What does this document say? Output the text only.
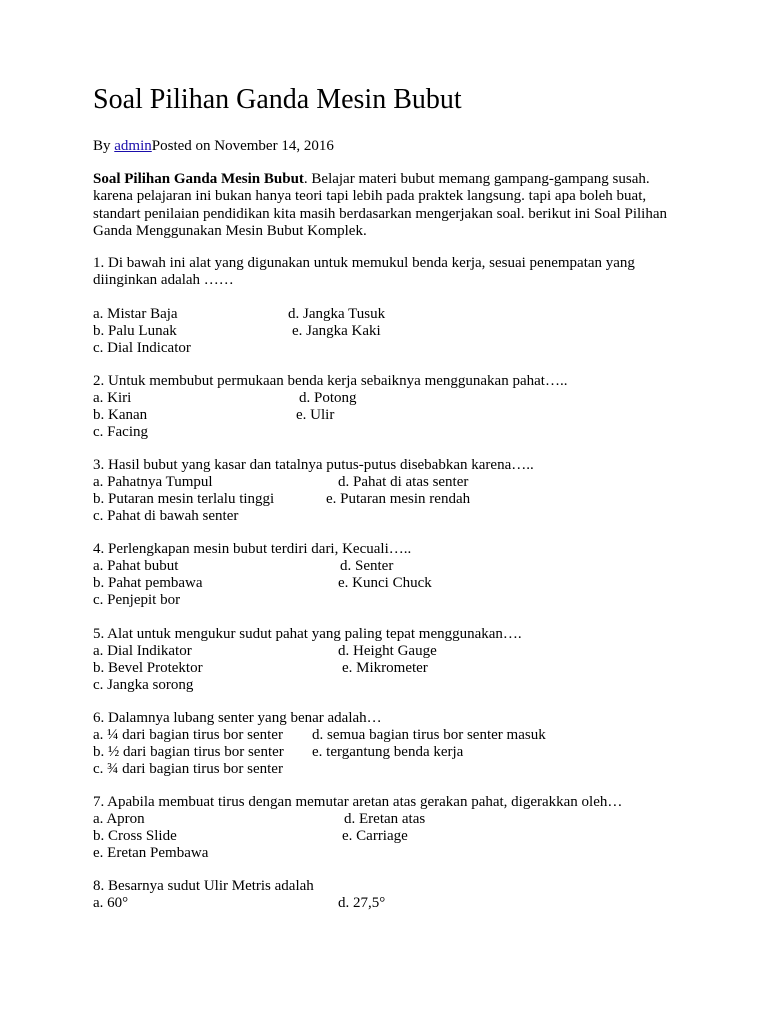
Soal Pilihan Ganda Mesin Bubut
By adminPosted on November 14, 2016
Soal Pilihan Ganda Mesin Bubut. Belajar materi bubut memang gampang-gampang susah. karena pelajaran ini bukan hanya teori tapi lebih pada praktek langsung. tapi apa boleh buat, standart penilaian pendidikan kita masih berdasarkan mengerjakan soal. berikut ini Soal Pilihan Ganda Menggunakan Mesin Bubut Komplek.

1. Di bawah ini alat yang digunakan untuk memukul benda kerja, sesuai penempatan yang diinginkan adalah ……

a. Mistar Baja	d. Jangka Tusuk
b. Palu Lunak	e. Jangka Kaki
c. Dial Indicator

2. Untuk membubut permukaan benda kerja sebaiknya menggunakan pahat…..

a. Kiri	d. Potong
b. Kanan	e. Ulir
c. Facing

3. Hasil bubut yang kasar dan tatalnya putus-putus disebabkan karena…..

a. Pahatnya Tumpul	d. Pahat di atas senter
b. Putaran mesin terlalu tinggi	e. Putaran mesin rendah
c. Pahat di bawah senter

4. Perlengkapan mesin bubut terdiri dari, Kecuali…..

a. Pahat bubut	d. Senter
b. Pahat pembawa	e. Kunci Chuck
c. Penjepit bor

5. Alat untuk mengukur sudut pahat yang paling tepat menggunakan….

a. Dial Indikator	d. Height Gauge
b. Bevel Protektor	e. Mikrometer
c. Jangka sorong

6. Dalamnya lubang senter yang benar adalah…

a. ¼ dari bagian tirus bor senter d. semua bagian tirus bor senter masuk
b. ½ dari bagian tirus bor senter e. tergantung benda kerja
c. ¾ dari bagian tirus bor senter

7. Apabila membuat tirus dengan memutar aretan atas gerakan pahat, digerakkan oleh…

a. Apron	d. Eretan atas
b. Cross Slide	e. Carriage
e. Eretan Pembawa

8. Besarnya sudut Ulir Metris adalah

a. 60°	d. 27,5°
